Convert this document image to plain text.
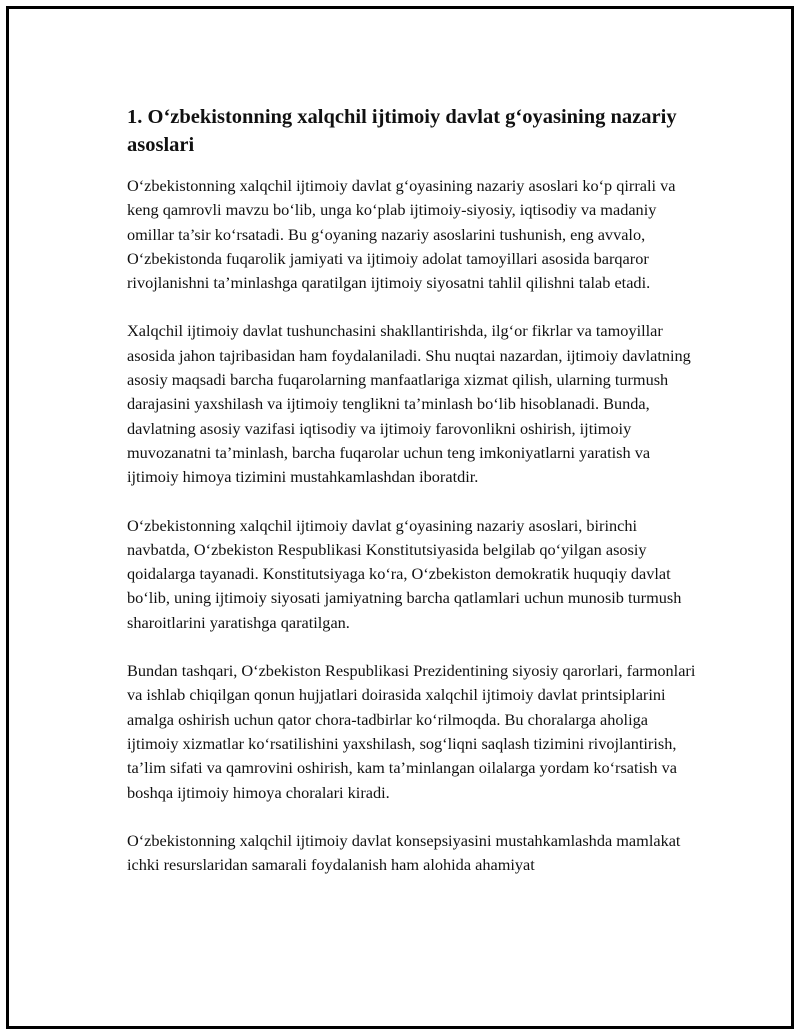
1. O‘zbekistonning xalqchil ijtimoiy davlat g‘oyasining nazariy asoslari

O‘zbekistonning xalqchil ijtimoiy davlat g‘oyasining nazariy asoslari ko‘p qirrali va keng qamrovli mavzu bo‘lib, unga ko‘plab ijtimoiy-siyosiy, iqtisodiy va madaniy omillar ta’sir ko‘rsatadi. Bu g‘oyaning nazariy asoslarini tushunish, eng avvalo, O‘zbekistonda fuqarolik jamiyati va ijtimoiy adolat tamoyillari asosida barqaror rivojlanishni ta’minlashga qaratilgan ijtimoiy siyosatni tahlil qilishni talab etadi.

Xalqchil ijtimoiy davlat tushunchasini shakllantirishda, ilg‘or fikrlar va tamoyillar asosida jahon tajribasidan ham foydalaniladi. Shu nuqtai nazardan, ijtimoiy davlatning asosiy maqsadi barcha fuqarolarning manfaatlariga xizmat qilish, ularning turmush darajasini yaxshilash va ijtimoiy tenglikni ta’minlash bo‘lib hisoblanadi. Bunda, davlatning asosiy vazifasi iqtisodiy va ijtimoiy farovonlikni oshirish, ijtimoiy muvozanatni ta’minlash, barcha fuqarolar uchun teng imkoniyatlarni yaratish va ijtimoiy himoya tizimini mustahkamlashdan iboratdir.

O‘zbekistonning xalqchil ijtimoiy davlat g‘oyasining nazariy asoslari, birinchi navbatda, O‘zbekiston Respublikasi Konstitutsiyasida belgilab qo‘yilgan asosiy qoidalarga tayanadi. Konstitutsiyaga ko‘ra, O‘zbekiston demokratik huquqiy davlat bo‘lib, uning ijtimoiy siyosati jamiyatning barcha qatlamlari uchun munosib turmush sharoitlarini yaratishga qaratilgan.

Bundan tashqari, O‘zbekiston Respublikasi Prezidentining siyosiy qarorlari, farmonlari va ishlab chiqilgan qonun hujjatlari doirasida xalqchil ijtimoiy davlat printsiplarini amalga oshirish uchun qator chora-tadbirlar ko‘rilmoqda. Bu choralarga aholiga ijtimoiy xizmatlar ko‘rsatilishini yaxshilash, sog‘liqni saqlash tizimini rivojlantirish, ta’lim sifati va qamrovini oshirish, kam ta’minlangan oilalarga yordam ko‘rsatish va boshqa ijtimoiy himoya choralari kiradi.

O‘zbekistonning xalqchil ijtimoiy davlat konsepsiyasini mustahkamlashda mamlakat ichki resurslaridan samarali foydalanish ham alohida ahamiyat
